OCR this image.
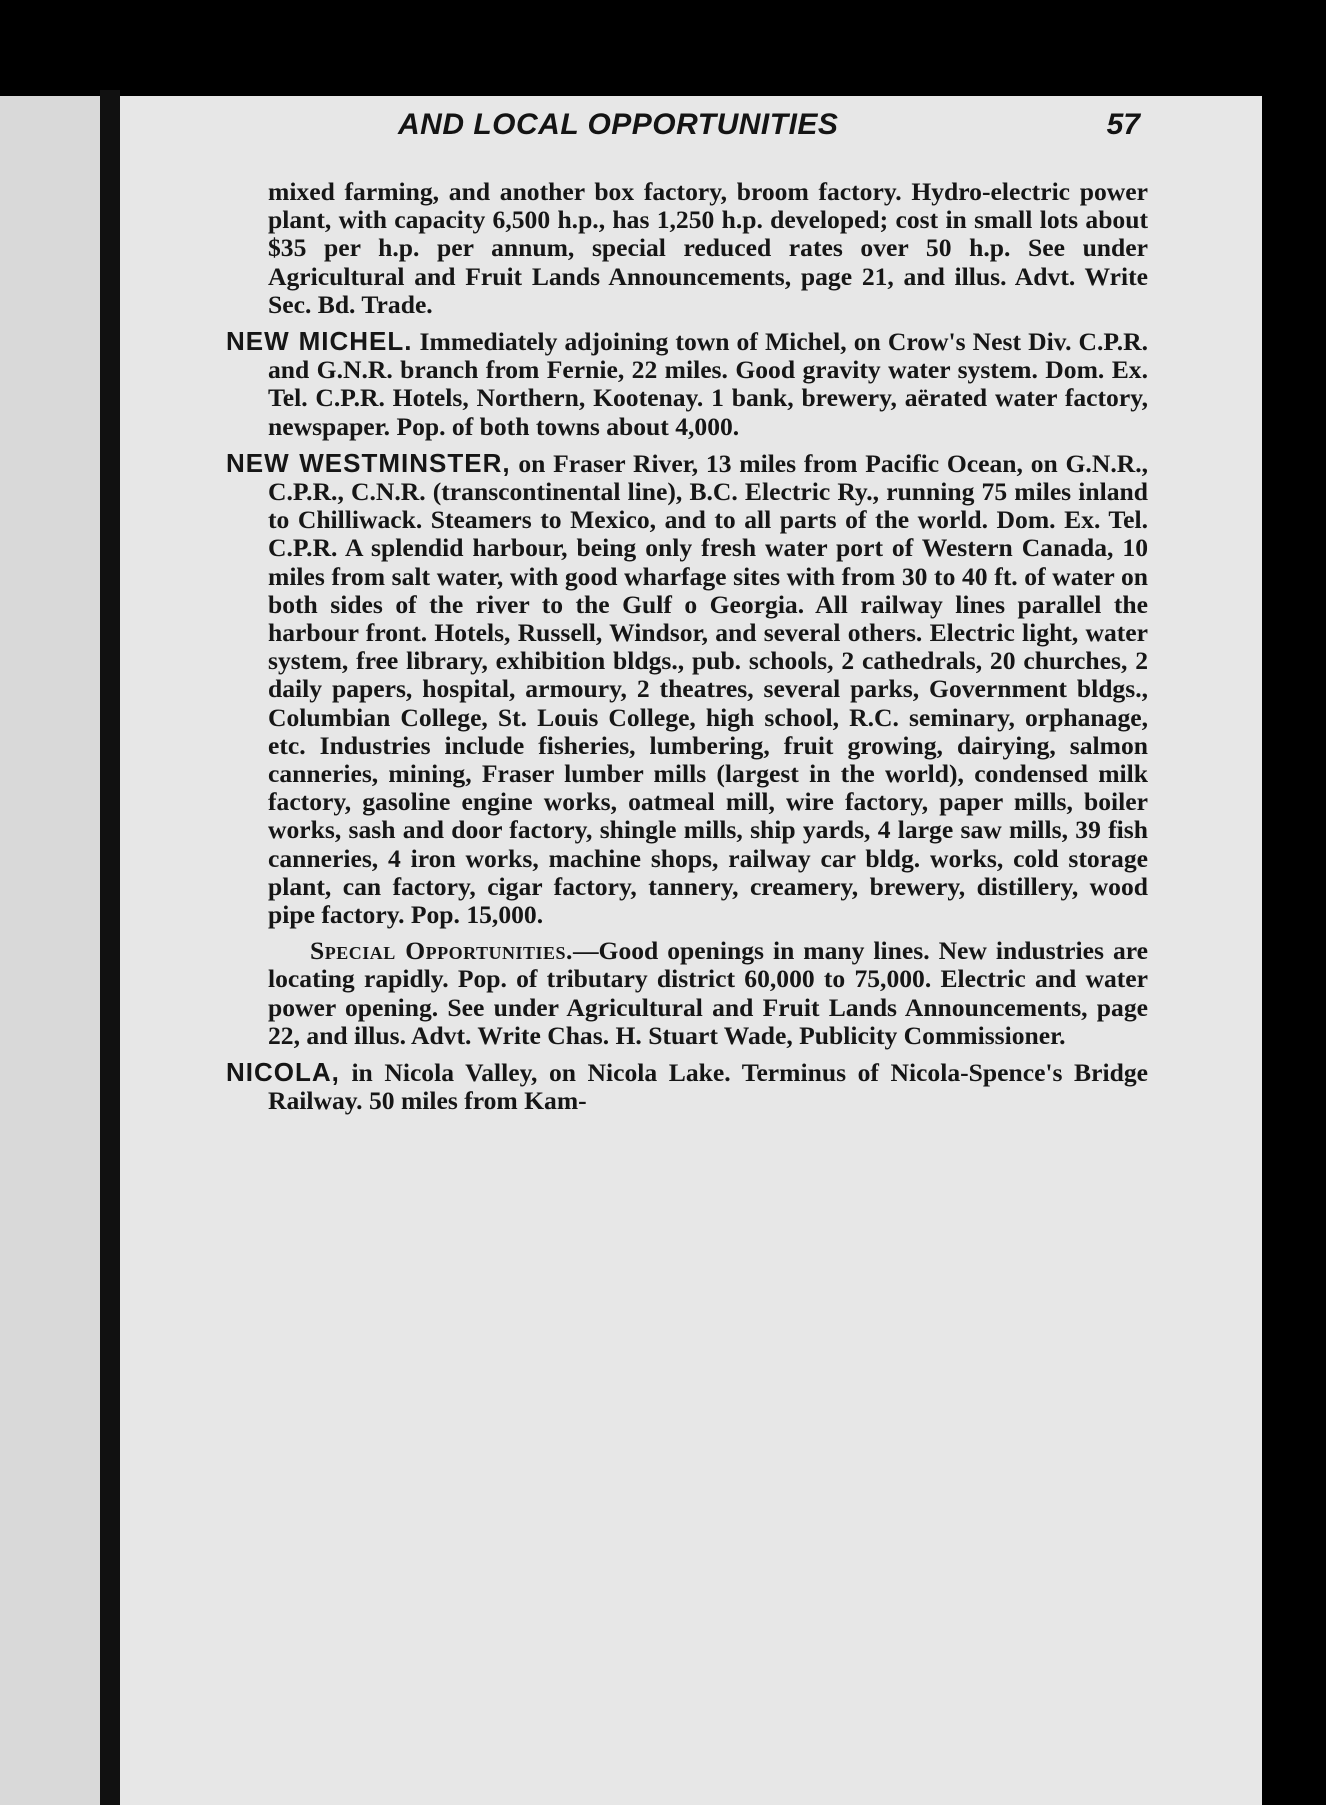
AND LOCAL OPPORTUNITIES	57

mixed farming, and another box factory, broom factory. Hydro-electric power plant, with capacity 6,500 h.p., has 1,250 h.p. developed; cost in small lots about $35 per h.p. per annum, special reduced rates over 50 h.p. See under Agricultural and Fruit Lands Announcements, page 21, and illus. Advt. Write Sec. Bd. Trade.

NEW MICHEL. Immediately adjoining town of Michel, on Crow's Nest Div. C.P.R. and G.N.R. branch from Fernie, 22 miles. Good gravity water system. Dom. Ex. Tel. C.P.R. Hotels, Northern, Kootenay. 1 bank, brewery, aërated water factory, newspaper. Pop. of both towns about 4,000.

NEW WESTMINSTER, on Fraser River, 13 miles from Pacific Ocean, on G.N.R., C.P.R., C.N.R. (transcontinental line), B.C. Electric Ry., running 75 miles inland to Chilliwack. Steamers to Mexico, and to all parts of the world. Dom. Ex. Tel. C.P.R. A splendid harbour, being only fresh water port of Western Canada, 10 miles from salt water, with good wharfage sites with from 30 to 40 ft. of water on both sides of the river to the Gulf o Georgia. All railway lines parallel the harbour front. Hotels, Russell, Windsor, and several others. Electric light, water system, free library, exhibition bldgs., pub. schools, 2 cathedrals, 20 churches, 2 daily papers, hospital, armoury, 2 theatres, several parks, Government bldgs., Columbian College, St. Louis College, high school, R.C. seminary, orphanage, etc. Industries include fisheries, lumbering, fruit growing, dairying, salmon canneries, mining, Fraser lumber mills (largest in the world), condensed milk factory, gasoline engine works, oatmeal mill, wire factory, paper mills, boiler works, sash and door factory, shingle mills, ship yards, 4 large saw mills, 39 fish canneries, 4 iron works, machine shops, railway car bldg. works, cold storage plant, can factory, cigar factory, tannery, creamery, brewery, distillery, wood pipe factory. Pop. 15,000.

Special Opportunities.—Good openings in many lines. New industries are locating rapidly. Pop. of tributary district 60,000 to 75,000. Electric and water power opening. See under Agricultural and Fruit Lands Announcements, page 22, and illus. Advt. Write Chas. H. Stuart Wade, Publicity Commissioner.

NICOLA, in Nicola Valley, on Nicola Lake. Terminus of Nicola-Spence's Bridge Railway. 50 miles from Kam-
